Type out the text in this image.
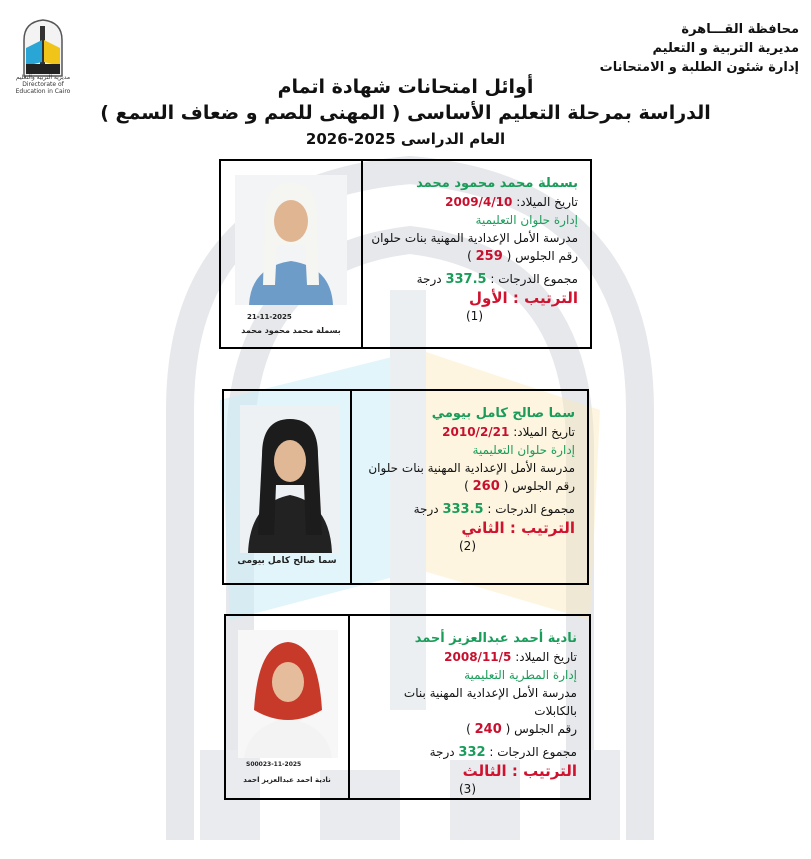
مديرية التربية والتعليم
Directorate of Education in Cairo
محافظة القـــاهرة
مديرية التربية و التعليم
إدارة شئون الطلبة و الامتحانات
أوائل امتحانات شهادة اتمام
الدراسة بمرحلة التعليم الأساسى ( المهنى للصم و ضعاف السمع )
العام الدراسى 2025-2026
21-11-2025
بسملة محمد محمود محمد
بسملة محمد محمود محمد
تاريخ الميلاد: 2009/4/10
إدارة حلوان التعليمية
مدرسة الأمل الإعدادية المهنية بنات حلوان
رقم الجلوس ( 259 )
مجموع الدرجات : 337.5 درجة
الترتيب : الأول
(1)
سما صالح كامل بيومى
سما صالح كامل بيومي
تاريخ الميلاد: 2010/2/21
إدارة حلوان التعليمية
مدرسة الأمل الإعدادية المهنية بنات حلوان
رقم الجلوس ( 260 )
مجموع الدرجات : 333.5 درجة
الترتيب : الثاني
(2)
S00023-11-2025
نادية احمد عبدالعزيز احمد
نادية أحمد عبدالعزيز أحمد
تاريخ الميلاد: 2008/11/5
إدارة المطرية التعليمية
مدرسة الأمل الإعدادية المهنية بنات بالكابلات
رقم الجلوس ( 240 )
مجموع الدرجات : 332 درجة
الترتيب : الثالث
(3)
